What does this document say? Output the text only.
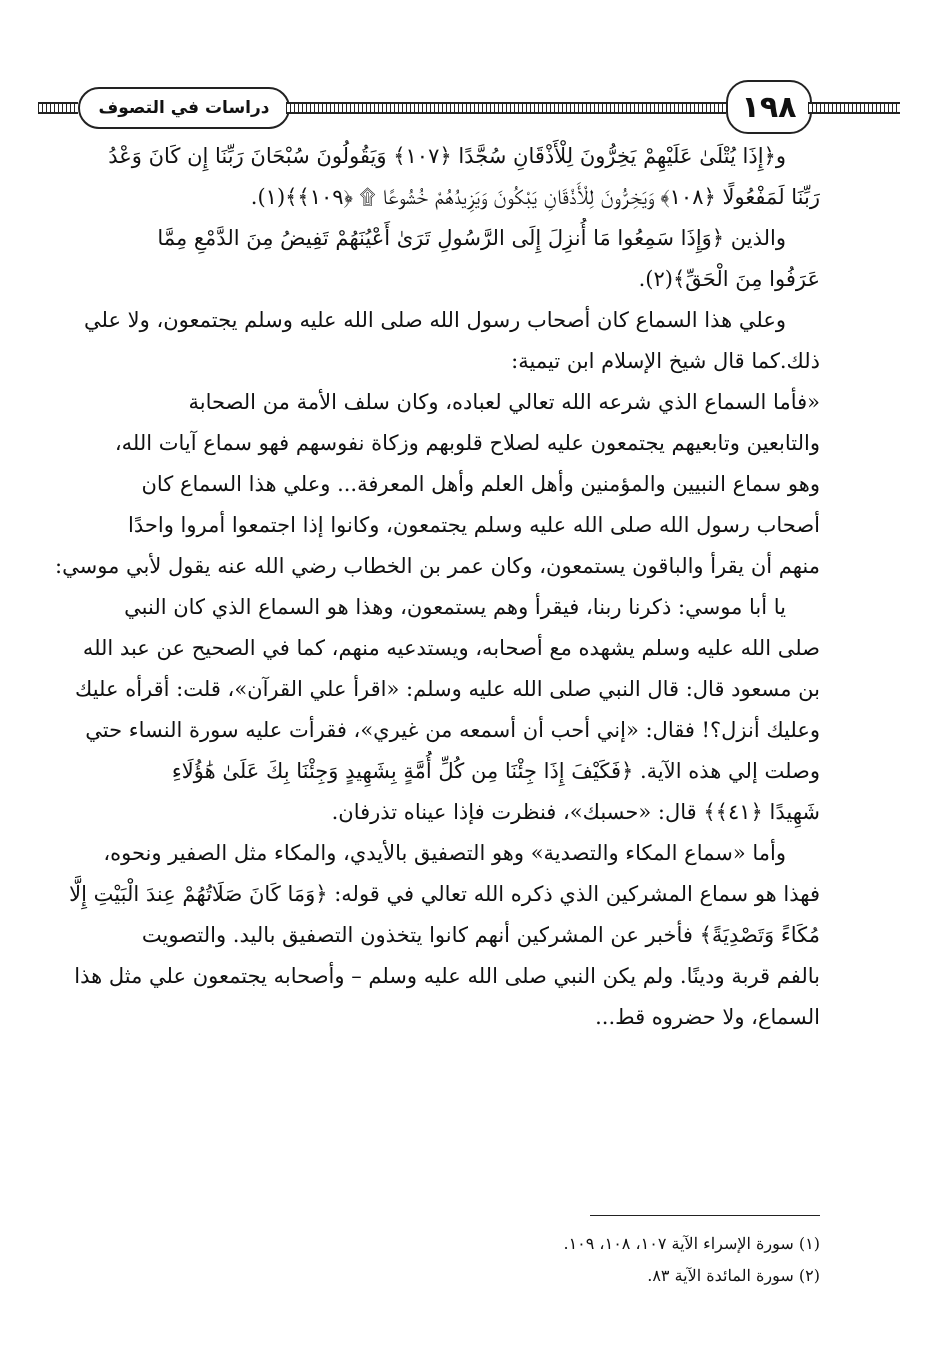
دراسات في التصوف	١٩٨
و﴿إِذَا يُتْلَىٰ عَلَيْهِمْ يَخِرُّونَ لِلْأَذْقَانِ سُجَّدًا ﴿١٠٧﴾ وَيَقُولُونَ سُبْحَانَ رَبِّنَا إِن كَانَ وَعْدُ
رَبِّنَا لَمَفْعُولًا ﴿١٠٨﴾ وَيَخِرُّونَ لِلْأَذْقَانِ يَبْكُونَ وَيَزِيدُهُمْ خُشُوعًا ۩ ﴿١٠٩﴾﴾(١).
والذين ﴿وَإِذَا سَمِعُوا مَا أُنزِلَ إِلَى الرَّسُولِ تَرَىٰ أَعْيُنَهُمْ تَفِيضُ مِنَ الدَّمْعِ مِمَّا
عَرَفُوا مِنَ الْحَقِّ﴾(٢).
وعلي هذا السماع كان أصحاب رسول الله صلى الله عليه وسلم يجتمعون، ولا علي
ذلك.كما قال شيخ الإسلام ابن تيمية:
«فأما السماع الذي شرعه الله تعالي لعباده، وكان سلف الأمة من الصحابة
والتابعين وتابعيهم يجتمعون عليه لصلاح قلوبهم وزكاة نفوسهم فهو سماع آيات الله،
وهو سماع النبيين والمؤمنين وأهل العلم وأهل المعرفة... وعلي هذا السماع كان
أصحاب رسول الله صلى الله عليه وسلم يجتمعون، وكانوا إذا اجتمعوا أمروا واحدًا
منهم أن يقرأ والباقون يستمعون، وكان عمر بن الخطاب رضي الله عنه يقول لأبي موسي:
يا أبا موسي: ذكرنا ربنا، فيقرأ وهم يستمعون، وهذا هو السماع الذي كان النبي
صلى الله عليه وسلم يشهده مع أصحابه، ويستدعيه منهم، كما في الصحيح عن عبد الله
بن مسعود قال: قال النبي صلى الله عليه وسلم: «اقرأ علي القرآن»، قلت: أقرأه عليك
وعليك أنزل؟! فقال: «إني أحب أن أسمعه من غيري»، فقرأت عليه سورة النساء حتي
وصلت إلي هذه الآية. ﴿فَكَيْفَ إِذَا جِئْنَا مِن كُلِّ أُمَّةٍ بِشَهِيدٍ وَجِئْنَا بِكَ عَلَىٰ هَٰؤُلَاءِ
شَهِيدًا ﴿٤١﴾﴾ قال: «حسبك»، فنظرت فإذا عيناه تذرفان.
وأما «سماع المكاء والتصدية» وهو التصفيق بالأيدي، والمكاء مثل الصفير ونحوه،
فهذا هو سماع المشركين الذي ذكره الله تعالي في قوله: ﴿وَمَا كَانَ صَلَاتُهُمْ عِندَ الْبَيْتِ إِلَّا
مُكَاءً وَتَصْدِيَةً﴾ فأخبر عن المشركين أنهم كانوا يتخذون التصفيق باليد. والتصويت
بالفم قربة ودينًا. ولم يكن النبي صلى الله عليه وسلم – وأصحابه يجتمعون علي مثل هذا
السماع، ولا حضروه قط...
(١) سورة الإسراء الآية ١٠٧، ١٠٨، ١٠٩.
(٢) سورة المائدة الآية ٨٣.
